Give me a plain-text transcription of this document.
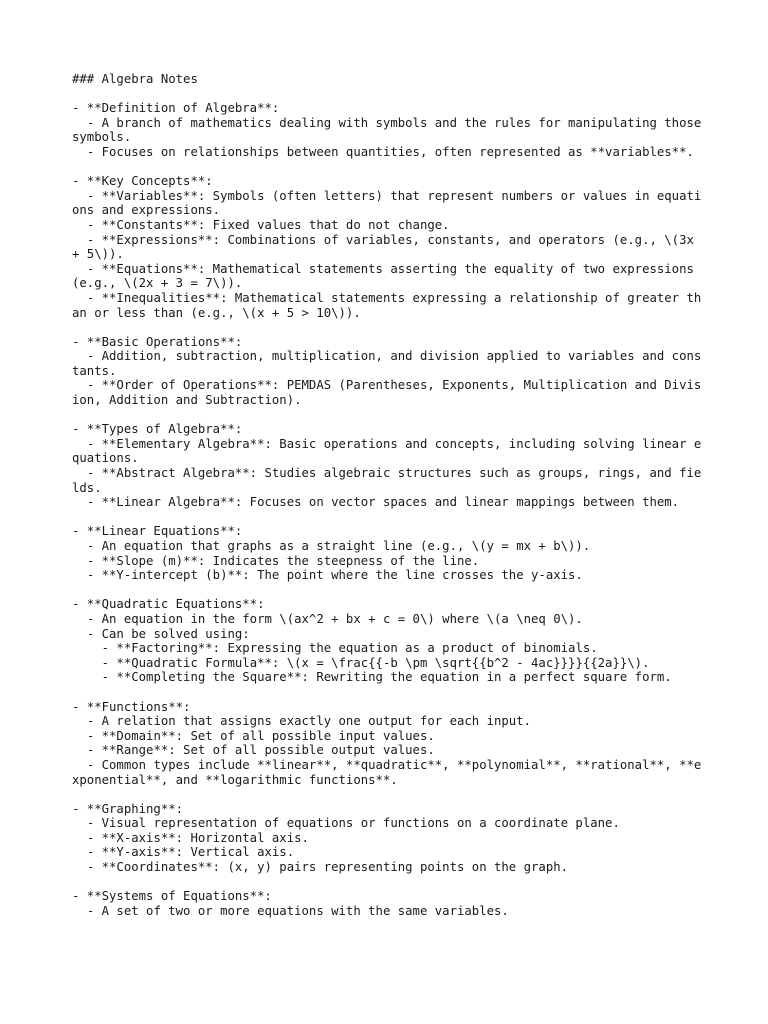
### Algebra Notes
- **Definition of Algebra**:
- A branch of mathematics dealing with symbols and the rules for manipulating those symbols.
- Focuses on relationships between quantities, often represented as **variables**.
- **Key Concepts**:
- **Variables**: Symbols (often letters) that represent numbers or values in equations and expressions.
- **Constants**: Fixed values that do not change.
- **Expressions**: Combinations of variables, constants, and operators (e.g., \(3x + 5\)).
- **Equations**: Mathematical statements asserting the equality of two expressions (e.g., \(2x + 3 = 7\)).
- **Inequalities**: Mathematical statements expressing a relationship of greater than or less than (e.g., \(x + 5 > 10\)).
- **Basic Operations**:
- Addition, subtraction, multiplication, and division applied to variables and constants.
- **Order of Operations**: PEMDAS (Parentheses, Exponents, Multiplication and Division, Addition and Subtraction).
- **Types of Algebra**:
- **Elementary Algebra**: Basic operations and concepts, including solving linear equations.
- **Abstract Algebra**: Studies algebraic structures such as groups, rings, and fields.
- **Linear Algebra**: Focuses on vector spaces and linear mappings between them.
- **Linear Equations**:
- An equation that graphs as a straight line (e.g., \(y = mx + b\)).
- **Slope (m)**: Indicates the steepness of the line.
- **Y-intercept (b)**: The point where the line crosses the y-axis.
- **Quadratic Equations**:
- An equation in the form \(ax^2 + bx + c = 0\) where \(a \neq 0\).
- Can be solved using:
- **Factoring**: Expressing the equation as a product of binomials.
- **Quadratic Formula**: \(x = \frac{{-b \pm \sqrt{{b^2 - 4ac}}}}{{2a}}\).
- **Completing the Square**: Rewriting the equation in a perfect square form.
- **Functions**:
- A relation that assigns exactly one output for each input.
- **Domain**: Set of all possible input values.
- **Range**: Set of all possible output values.
- Common types include **linear**, **quadratic**, **polynomial**, **rational**, **exponential**, and **logarithmic functions**.
- **Graphing**:
- Visual representation of equations or functions on a coordinate plane.
- **X-axis**: Horizontal axis.
- **Y-axis**: Vertical axis.
- **Coordinates**: (x, y) pairs representing points on the graph.
- **Systems of Equations**:
- A set of two or more equations with the same variables.
